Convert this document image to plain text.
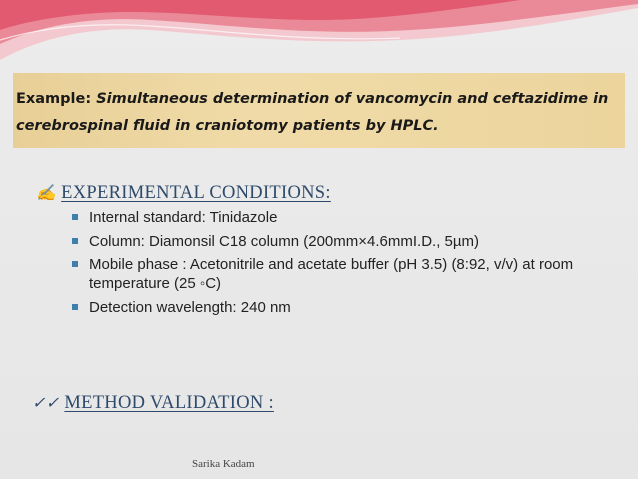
Example: Simultaneous determination of vancomycin and ceftazidime in cerebrospinal fluid in craniotomy patients by HPLC.
✍ EXPERIMENTAL CONDITIONS:
Internal standard: Tinidazole
Column: Diamonsil C18 column (200mm×4.6mmI.D., 5µm)
Mobile phase : Acetonitrile and acetate buffer (pH 3.5) (8:92, v/v) at room temperature (25 ◦C)
Detection wavelength: 240 nm
✓✓ METHOD VALIDATION :
Sarika Kadam
